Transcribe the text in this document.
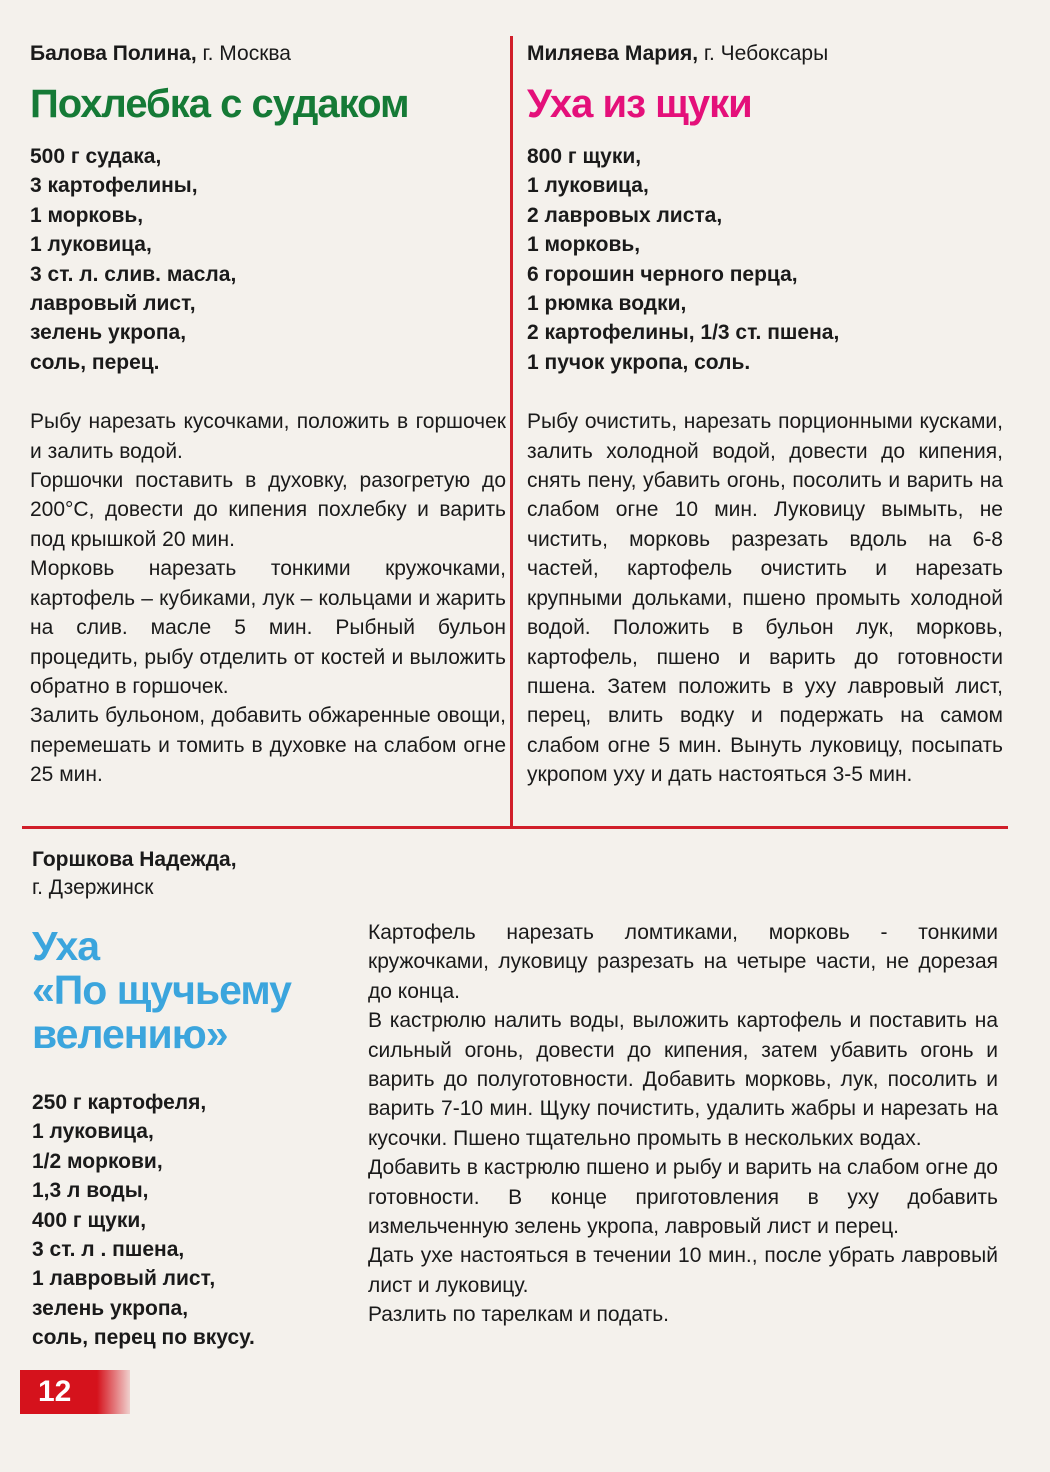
Балова Полина, г. Москва
Похлебка с судаком
500 г судака,
3 картофелины,
1 морковь,
1 луковица,
3 ст. л. слив. масла,
лавровый лист,
зелень укропа,
соль, перец.

Рыбу нарезать кусочками, положить в горшочек и залить водой.

Горшочки поставить в духовку, разогретую до 200°С, довести до кипения похлебку и варить под крышкой 20 мин.

Морковь нарезать тонкими кружочками, картофель – кубиками, лук – кольцами и жарить на слив. масле 5 мин. Рыбный бульон процедить, рыбу отделить от костей и выложить обратно в горшочек.

Залить бульоном, добавить обжаренные овощи, перемешать и томить в духовке на слабом огне 25 мин.

Миляева Мария, г. Чебоксары
Уха из щуки
800 г щуки,
1 луковица,
2 лавровых листа,
1 морковь,
6 горошин черного перца,
1 рюмка водки,
2 картофелины, 1/3 ст. пшена,
1 пучок укропа, соль.

Рыбу очистить, нарезать порционными кусками, залить холодной водой, довести до кипения, снять пену, убавить огонь, посолить и варить на слабом огне 10 мин. Луковицу вымыть, не чистить, морковь разрезать вдоль на 6-8 частей, картофель очистить и нарезать крупными дольками, пшено промыть холодной водой. Положить в бульон лук, морковь, картофель, пшено и варить до готовности пшена. Затем положить в уху лавровый лист, перец, влить водку и подержать на самом слабом огне 5 мин. Вынуть луковицу, посыпать укропом уху и дать настояться 3-5 мин.

Горшкова Надежда,
г. Дзержинск
Уха
«По щучьему
велению»
250 г картофеля,
1 луковица,
1/2 моркови,
1,3 л воды,
400 г щуки,
3 ст. л . пшена,
1 лавровый лист,
зелень укропа,
соль, перец по вкусу.

Картофель нарезать ломтиками, морковь - тонкими кружочками, луковицу разрезать на четыре части, не дорезая до конца.

В кастрюлю налить воды, выложить картофель и поставить на сильный огонь, довести до кипения, затем убавить огонь и варить до полуготовности. Добавить морковь, лук, посолить и варить 7-10 мин. Щуку почистить, удалить жабры и нарезать на кусочки. Пшено тщательно промыть в нескольких водах.

Добавить в кастрюлю пшено и рыбу и варить на слабом огне до готовности. В конце приготовления в уху добавить измельченную зелень укропа, лавровый лист и перец.

Дать ухе настояться в течении 10 мин., после убрать лавровый лист и луковицу.

Разлить по тарелкам и подать.

12
